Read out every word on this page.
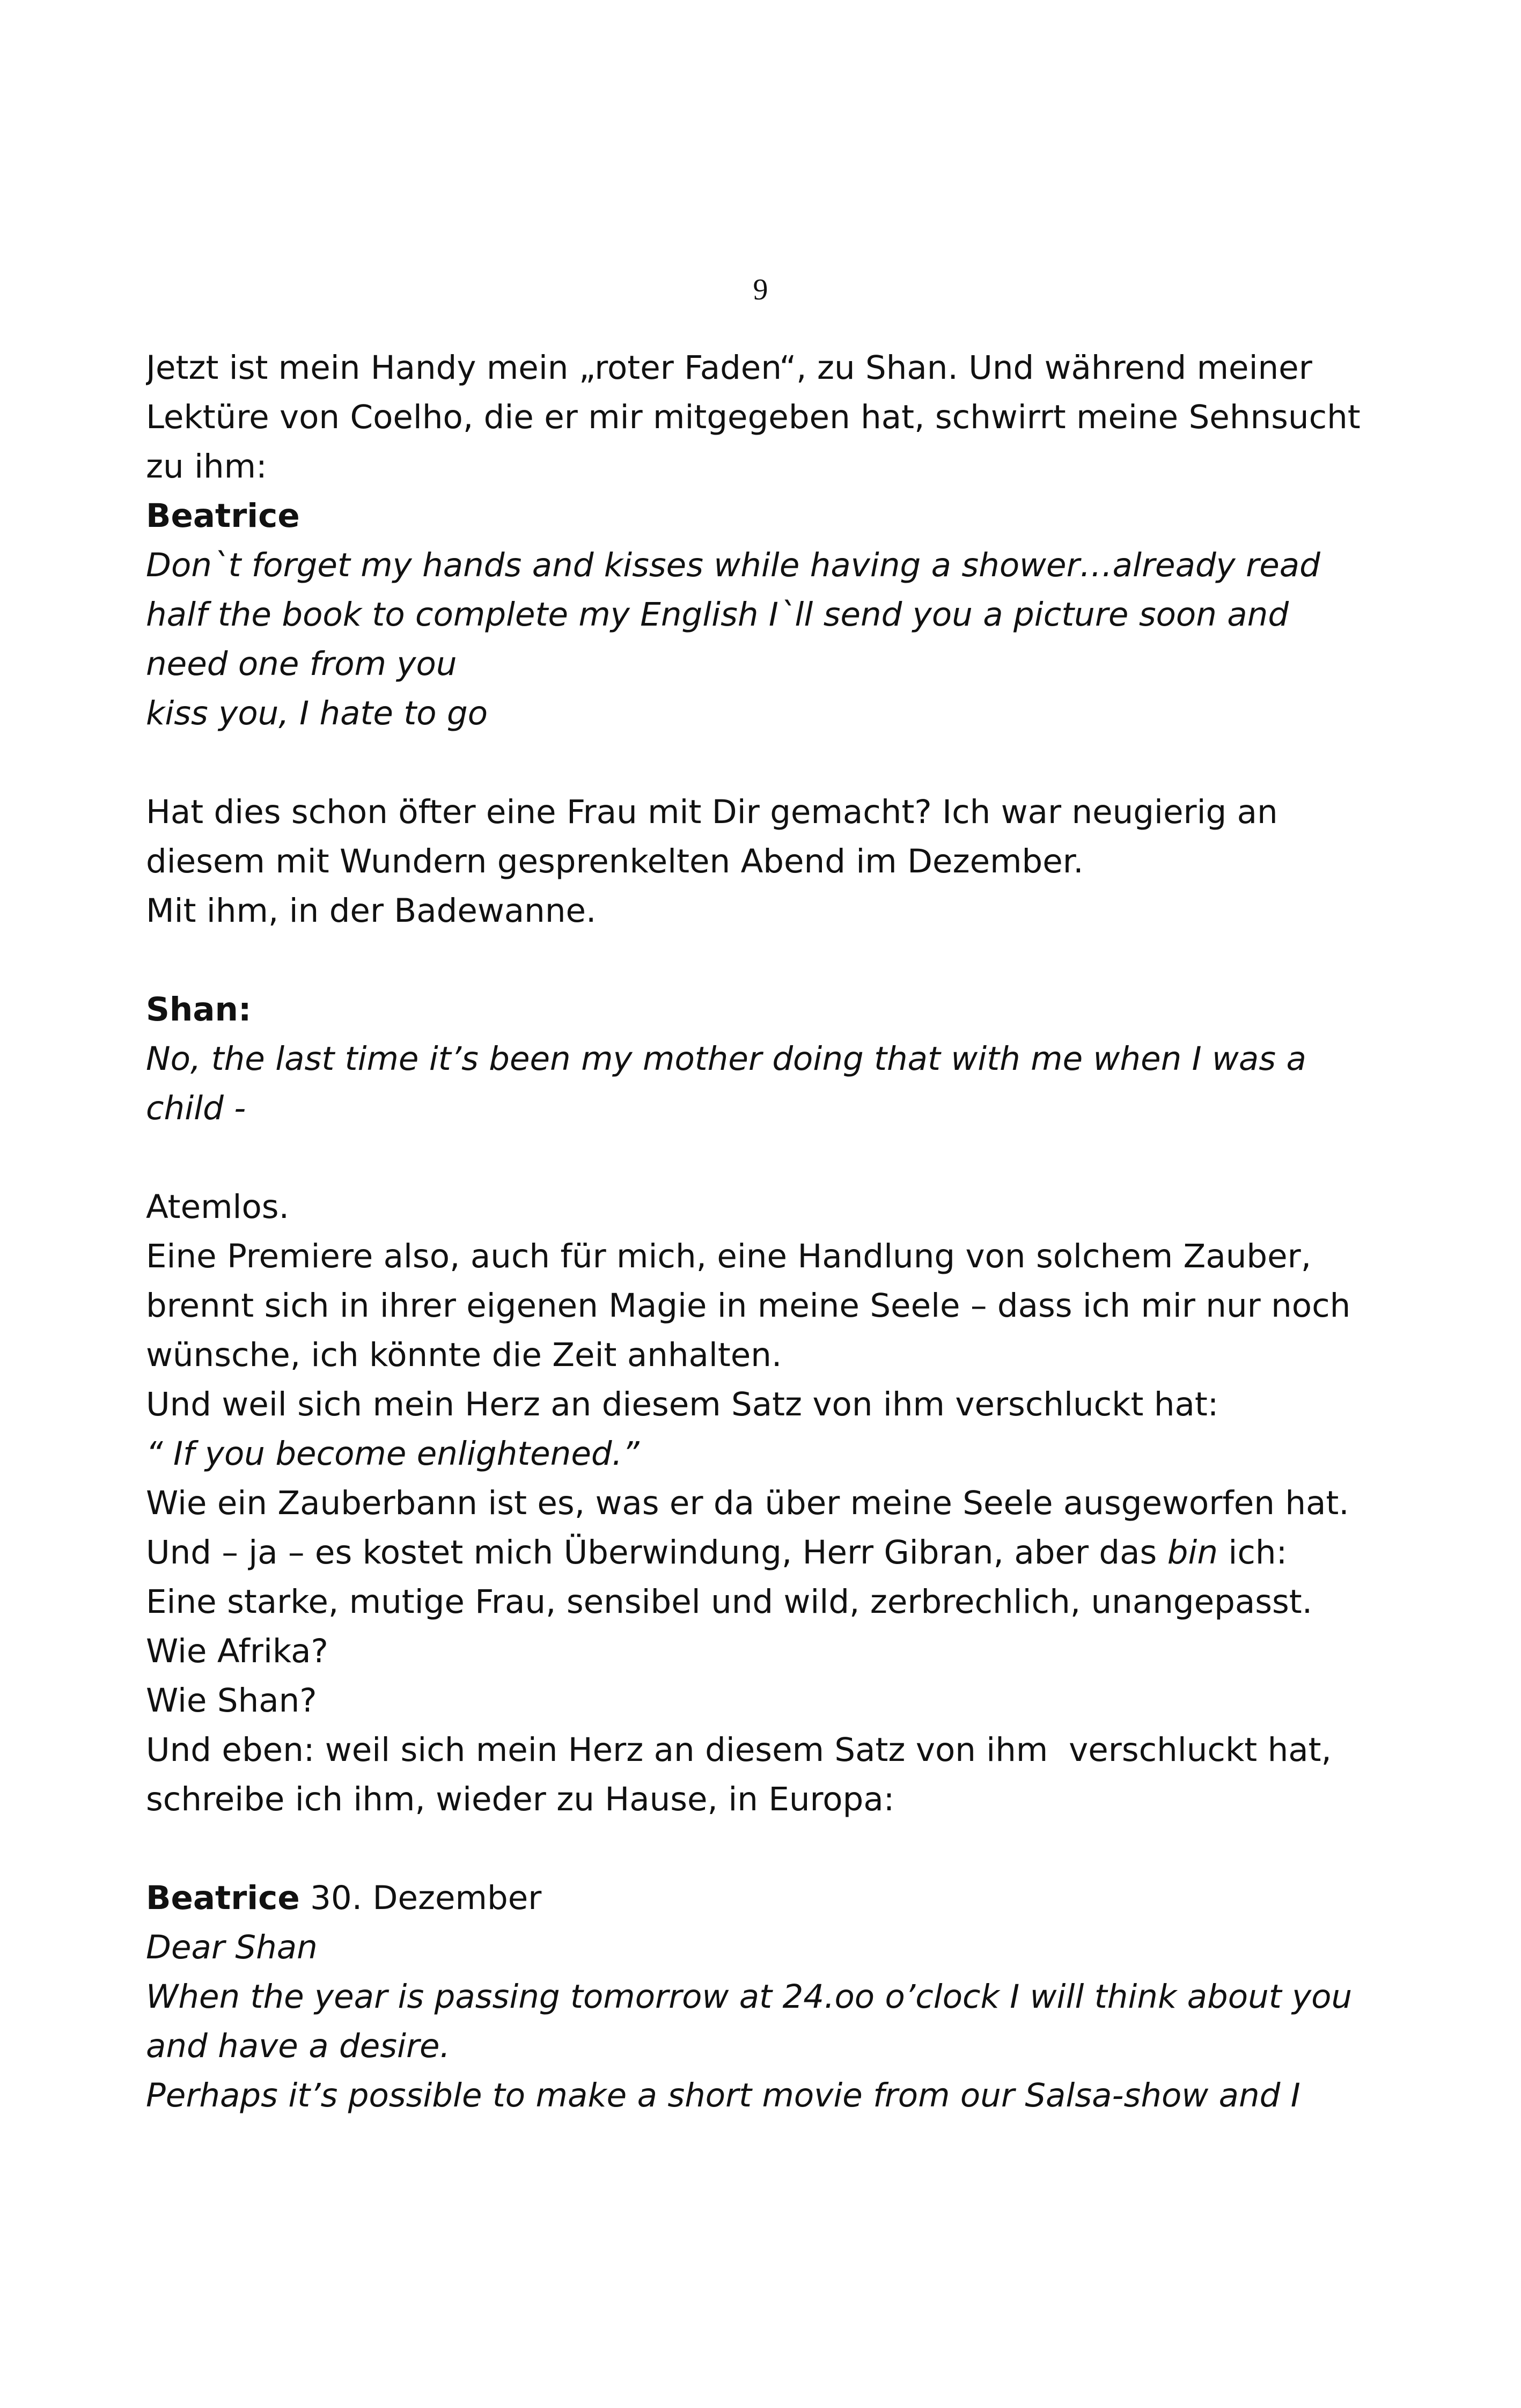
9
Jetzt ist mein Handy mein „roter Faden“, zu Shan. Und während meiner
Lektüre von Coelho, die er mir mitgegeben hat, schwirrt meine Sehnsucht
zu ihm:
Beatrice
Don`t forget my hands and kisses while having a shower…already read
half the book to complete my English I`ll send you a picture soon and
need one from you
kiss you, I hate to go
Hat dies schon öfter eine Frau mit Dir gemacht? Ich war neugierig an
diesem mit Wundern gesprenkelten Abend im Dezember.
Mit ihm, in der Badewanne.
Shan:
No, the last time it’s been my mother doing that with me when I was a
child -
Atemlos.
Eine Premiere also, auch für mich, eine Handlung von solchem Zauber,
brennt sich in ihrer eigenen Magie in meine Seele – dass ich mir nur noch
wünsche, ich könnte die Zeit anhalten.
Und weil sich mein Herz an diesem Satz von ihm verschluckt hat:
“ If you become enlightened.”
Wie ein Zauberbann ist es, was er da über meine Seele ausgeworfen hat.
Und – ja – es kostet mich Überwindung, Herr Gibran, aber das bin ich:
Eine starke, mutige Frau, sensibel und wild, zerbrechlich, unangepasst.
Wie Afrika?
Wie Shan?
Und eben: weil sich mein Herz an diesem Satz von ihm  verschluckt hat,
schreibe ich ihm, wieder zu Hause, in Europa:
Beatrice 30. Dezember
Dear Shan
When the year is passing tomorrow at 24.oo o’clock I will think about you
and have a desire.
Perhaps it’s possible to make a short movie from our Salsa-show and I
